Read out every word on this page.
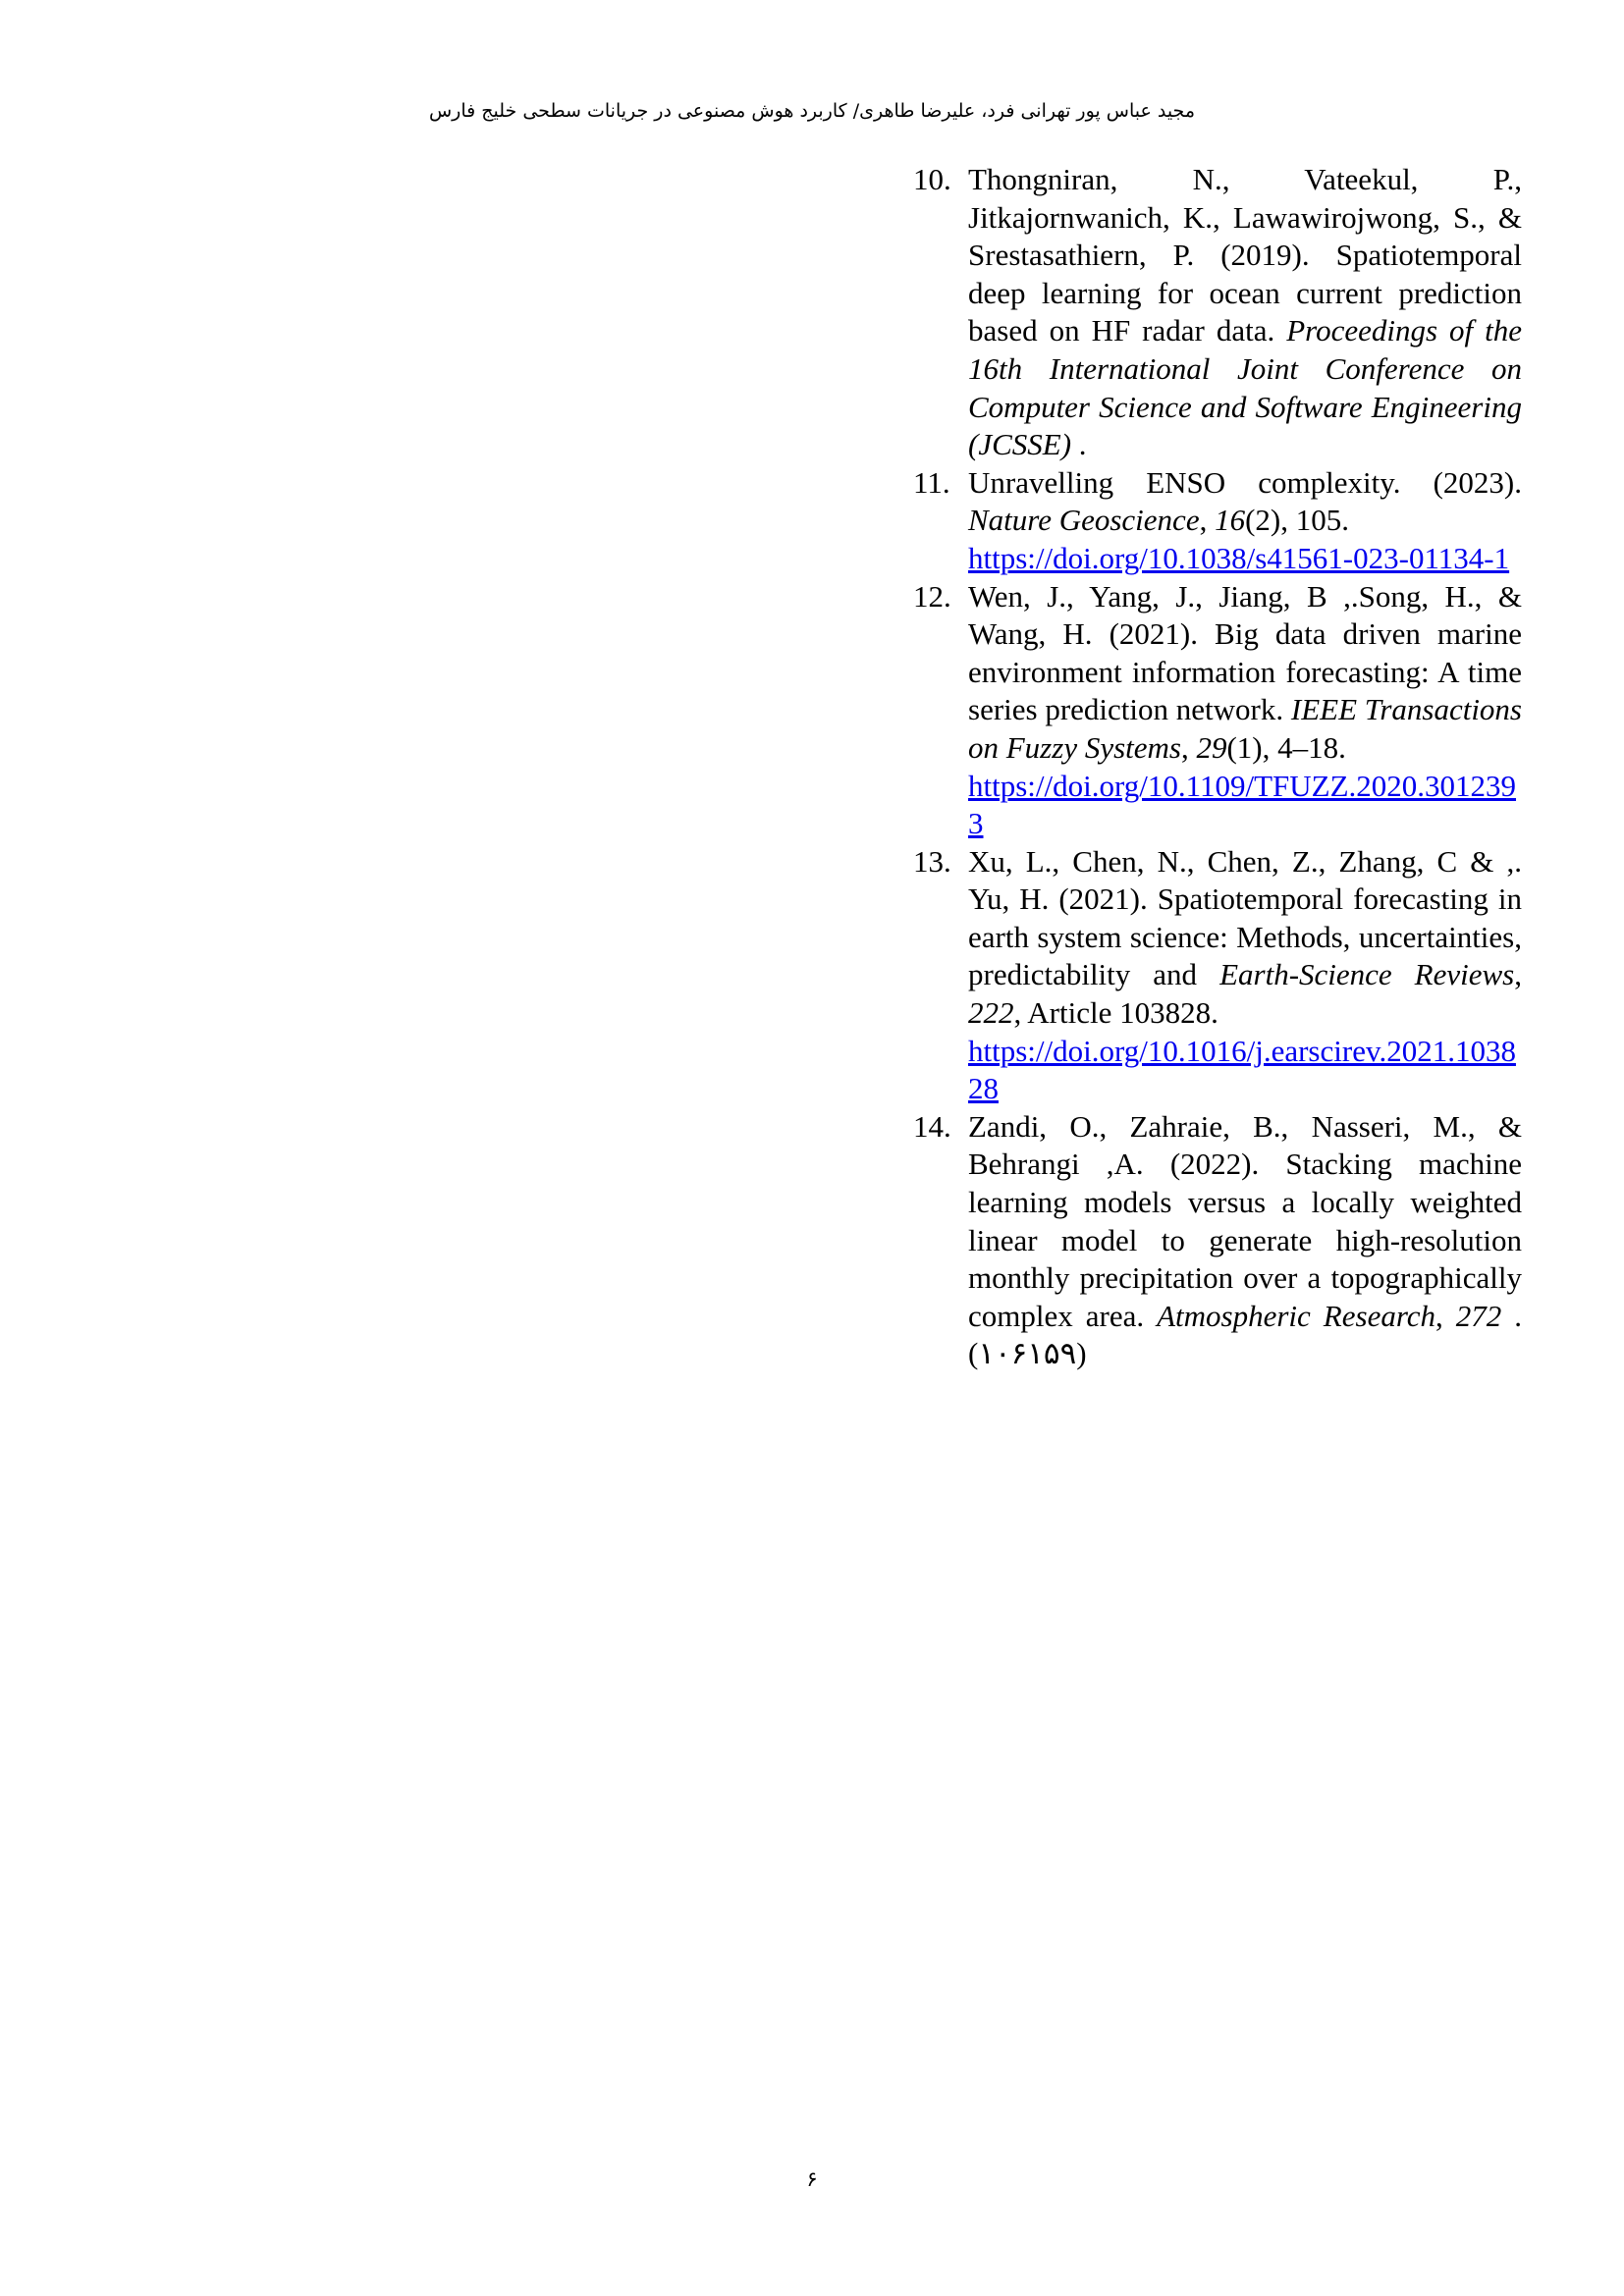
مجید عباس پور تهرانی فرد، علیرضا طاهری/ کاربرد هوش مصنوعی در جریانات سطحی خلیج فارس
10. Thongniran, N., Vateekul, P., Jitkajornwanich, K., Lawawirojwong, S., & Srestasathiern, P. (2019). Spatiotemporal deep learning for ocean current prediction based on HF radar data. Proceedings of the 16th International Joint Conference on Computer Science and Software Engineering (JCSSE) .
11. Unravelling ENSO complexity. (2023). Nature Geoscience, 16(2), 105.
https://doi.org/10.1038/s41561-023-01134-1
12. Wen, J., Yang, J., Jiang, B ,.Song, H., & Wang, H. (2021). Big data driven marine environment information forecasting: A time series prediction network. IEEE Transactions on Fuzzy Systems, 29(1), 4–18.
https://doi.org/10.1109/TFUZZ.2020.3012393
13. Xu, L., Chen, N., Chen, Z., Zhang, C & ,. Yu, H. (2021). Spatiotemporal forecasting in earth system science: Methods, uncertainties, predictability and Earth-Science Reviews, 222, Article 103828.
https://doi.org/10.1016/j.earscirev.2021.103828
14. Zandi, O., Zahraie, B., Nasseri, M., & Behrangi ,A. (2022). Stacking machine learning models versus a locally weighted linear model to generate high-resolution monthly precipitation over a topographically complex area. Atmospheric Research, 272 .(۱۰۶۱۵۹)
۶
